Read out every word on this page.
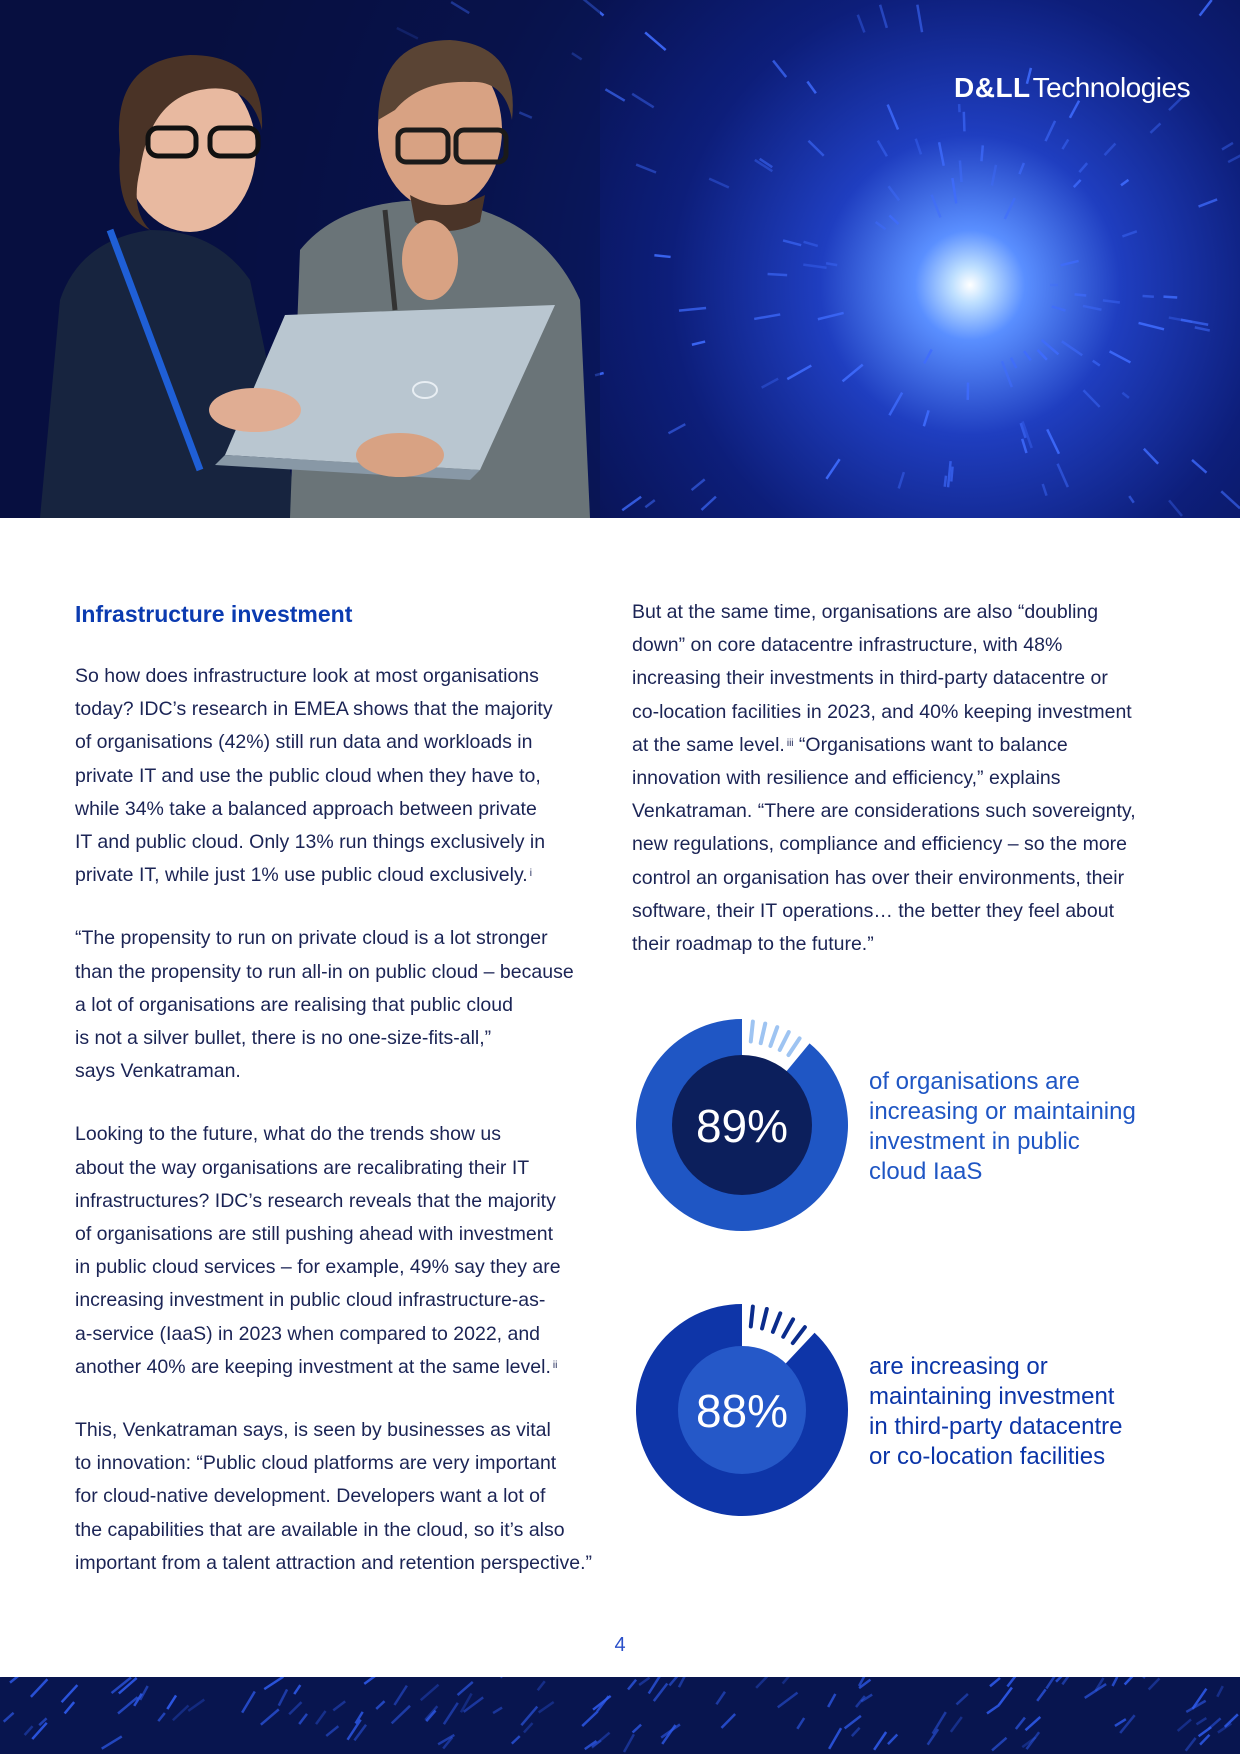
D&LL Technologies
Infrastructure investment

So how does infrastructure look at most organisations
today? IDC’s research in EMEA shows that the majority
of organisations (42%) still run data and workloads in
private IT and use the public cloud when they have to,
while 34% take a balanced approach between private
IT and public cloud. Only 13% run things exclusively in
private IT, while just 1% use public cloud exclusively. $^i$

“The propensity to run on private cloud is a lot stronger
than the propensity to run all-in on public cloud – because
a lot of organisations are realising that public cloud
is not a silver bullet, there is no one-size-fits-all,”
says Venkatraman.

Looking to the future, what do the trends show us
about the way organisations are recalibrating their IT
infrastructures? IDC’s research reveals that the majority
of organisations are still pushing ahead with investment
in public cloud services – for example, 49% say they are
increasing investment in public cloud infrastructure-as-
a-service (IaaS) in 2023 when compared to 2022, and
another 40% are keeping investment at the same level. $^{ii}$

This, Venkatraman says, is seen by businesses as vital
to innovation: “Public cloud platforms are very important
for cloud-native development. Developers want a lot of
the capabilities that are available in the cloud, so it’s also
important from a talent attraction and retention perspective.”

But at the same time, organisations are also “doubling
down” on core datacentre infrastructure, with 48%
increasing their investments in third-party datacentre or
co-location facilities in 2023, and 40% keeping investment
at the same level. $^{iii}$ “Organisations want to balance
innovation with resilience and efficiency,” explains
Venkatraman. “There are considerations such sovereignty,
new regulations, compliance and efficiency – so the more
control an organisation has over their environments, their
software, their IT operations… the better they feel about
their roadmap to the future.”

89%
of organisations are
increasing or maintaining
investment in public
cloud IaaS
88%
are increasing or
maintaining investment
in third-party datacentre
or co-location facilities
4
